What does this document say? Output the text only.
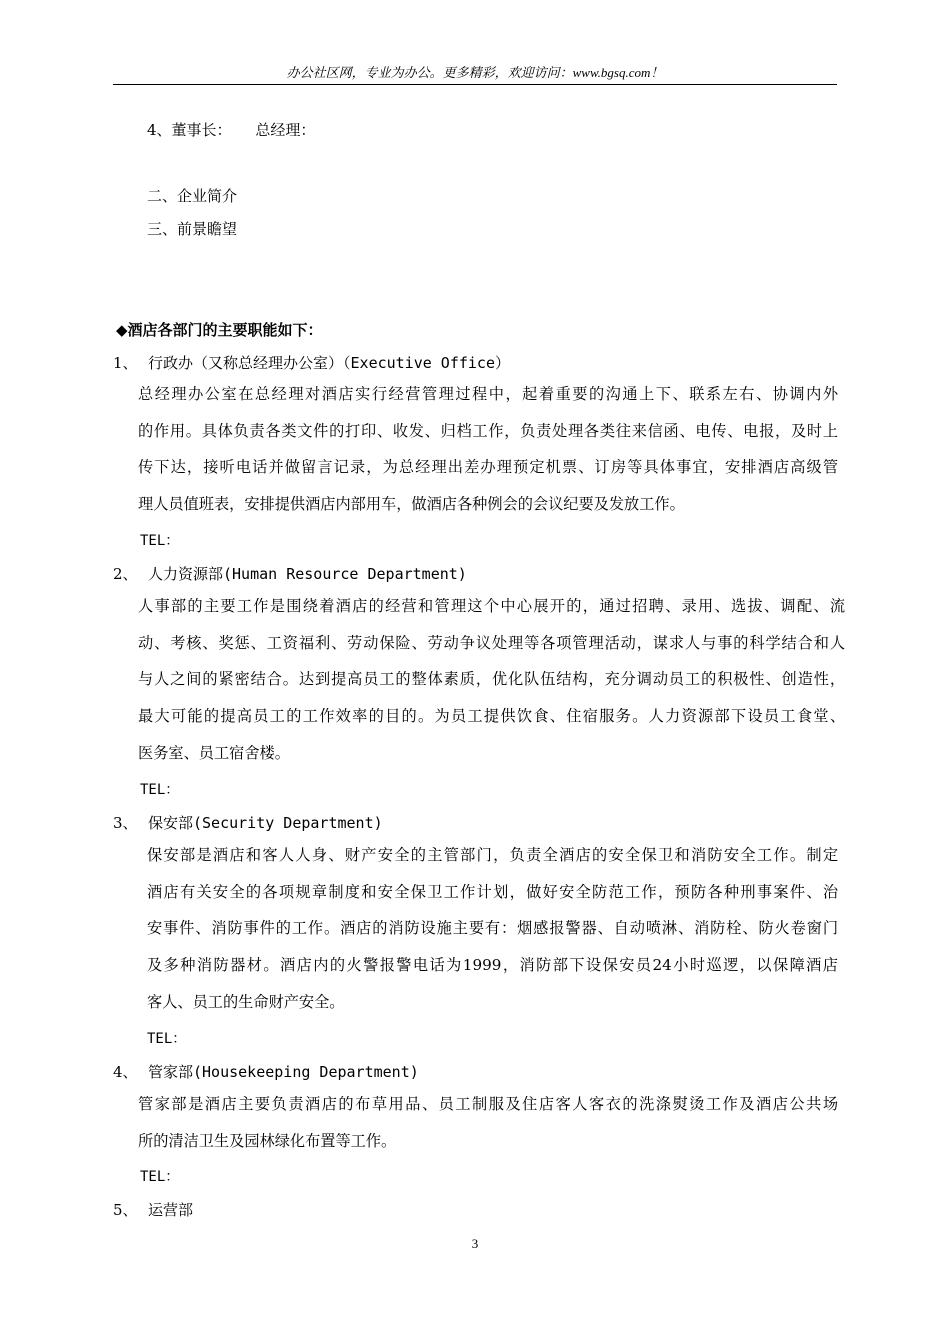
办公社区网，专业为办公。更多精彩，欢迎访问：www.bgsq.com！
4、董事长：     总经理：
二、企业简介
三、前景瞻望
◆酒店各部门的主要职能如下：
1、 行政办（又称总经理办公室）（Executive Office）
总经理办公室在总经理对酒店实行经营管理过程中，起着重要的沟通上下、联系左右、协调内外
的作用。具体负责各类文件的打印、收发、归档工作，负责处理各类往来信函、电传、电报，及时上
传下达，接听电话并做留言记录，为总经理出差办理预定机票、订房等具体事宜，安排酒店高级管
理人员值班表，安排提供酒店内部用车，做酒店各种例会的会议纪要及发放工作。
TEL：
2、 人力资源部(Human Resource Department)
人事部的主要工作是围绕着酒店的经营和管理这个中心展开的，通过招聘、录用、选拔、调配、流
动、考核、奖惩、工资福利、劳动保险、劳动争议处理等各项管理活动，谋求人与事的科学结合和人
与人之间的紧密结合。达到提高员工的整体素质，优化队伍结构，充分调动员工的积极性、创造性，
最大可能的提高员工的工作效率的目的。为员工提供饮食、住宿服务。人力资源部下设员工食堂、
医务室、员工宿舍楼。
TEL：
3、 保安部(Security Department)
保安部是酒店和客人人身、财产安全的主管部门，负责全酒店的安全保卫和消防安全工作。制定
酒店有关安全的各项规章制度和安全保卫工作计划，做好安全防范工作，预防各种刑事案件、治
安事件、消防事件的工作。酒店的消防设施主要有：烟感报警器、自动喷淋、消防栓、防火卷窗门
及多种消防器材。酒店内的火警报警电话为1999，消防部下设保安员24小时巡逻，以保障酒店
客人、员工的生命财产安全。
TEL：
4、 管家部(Housekeeping Department)
管家部是酒店主要负责酒店的布草用品、员工制服及住店客人客衣的洗涤熨烫工作及酒店公共场
所的清洁卫生及园林绿化布置等工作。
TEL：
5、 运营部
3
